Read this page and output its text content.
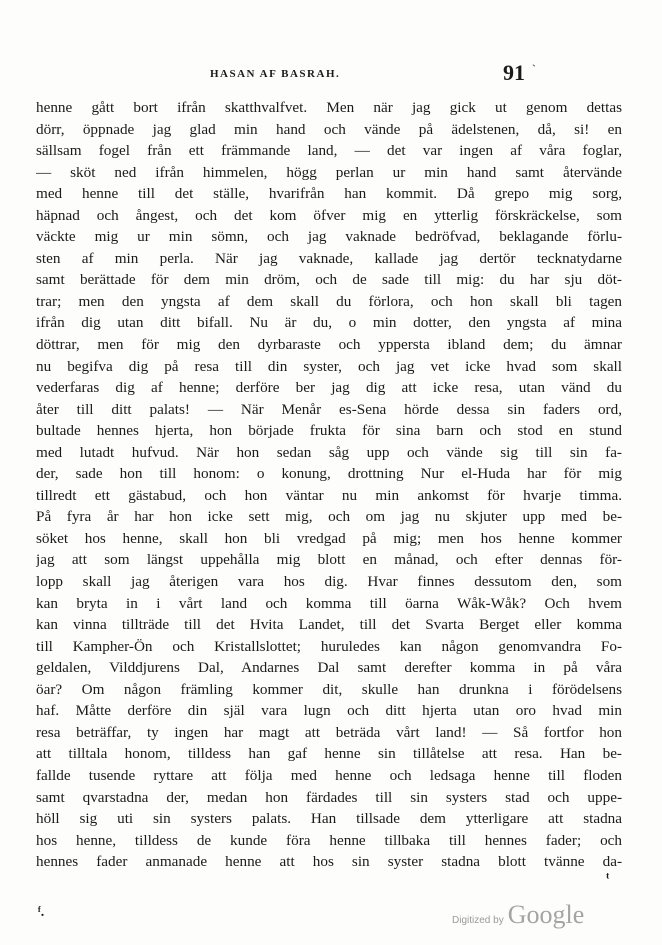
`
HASAN AF BASRAH.	91
henne gått bort ifrån skatthvalfvet. Men när jag gick ut genom dettas
dörr, öppnade jag glad min hand och vände på ädelstenen, då, si! en
sällsam fogel från ett främmande land, — det var ingen af våra foglar,
— sköt ned ifrån himmelen, högg perlan ur min hand samt återvände
med henne till det ställe, hvarifrån han kommit. Då grepo mig sorg,
häpnad och ångest, och det kom öfver mig en ytterlig förskräckelse, som
väckte mig ur min sömn, och jag vaknade bedröfvad, beklagande förlu-
sten af min perla. När jag vaknade, kallade jag dertör tecknatydarne
samt berättade för dem min dröm, och de sade till mig: du har sju döt-
trar; men den yngsta af dem skall du förlora, och hon skall bli tagen
ifrån dig utan ditt bifall. Nu är du, o min dotter, den yngsta af mina
döttrar, men för mig den dyrbaraste och yppersta ibland dem; du ämnar
nu begifva dig på resa till din syster, och jag vet icke hvad som skall
vederfaras dig af henne; derföre ber jag dig att icke resa, utan vänd du
åter till ditt palats! — När Menår es-Sena hörde dessa sin faders ord,
bultade hennes hjerta, hon började frukta för sina barn och stod en stund
med lutadt hufvud. När hon sedan såg upp och vände sig till sin fa-
der, sade hon till honom: o konung, drottning Nur el-Huda har för mig
tillredt ett gästabud, och hon väntar nu min ankomst för hvarje timma.
På fyra år har hon icke sett mig, och om jag nu skjuter upp med be-
söket hos henne, skall hon bli vredgad på mig; men hos henne kommer
jag att som längst uppehålla mig blott en månad, och efter dennas för-
lopp skall jag återigen vara hos dig. Hvar finnes dessutom den, som
kan bryta in i vårt land och komma till öarna Wåk-Wåk? Och hvem
kan vinna tillträde till det Hvita Landet, till det Svarta Berget eller komma
till Kampher-Ön och Kristallslottet; huruledes kan någon genomvandra Fo-
geldalen, Vilddjurens Dal, Andarnes Dal samt derefter komma in på våra
öar? Om någon främling kommer dit, skulle han drunkna i förödelsens
haf. Måtte derföre din själ vara lugn och ditt hjerta utan oro hvad min
resa beträffar, ty ingen har magt att beträda vårt land! — Så fortfor hon
att tilltala honom, tilldess han gaf henne sin tillåtelse att resa. Han be-
fallde tusende ryttare att följa med henne och ledsaga henne till floden
samt qvarstadna der, medan hon färdades till sin systers stad och uppe-
höll sig uti sin systers palats. Han tillsade dem ytterligare att stadna
hos henne, tilldess de kunde föra henne tillbaka till hennes fader; och
hennes fader anmanade henne att hos sin syster stadna blott tvänne da-
ᵗ
ᶠ.
Digitized by Google
